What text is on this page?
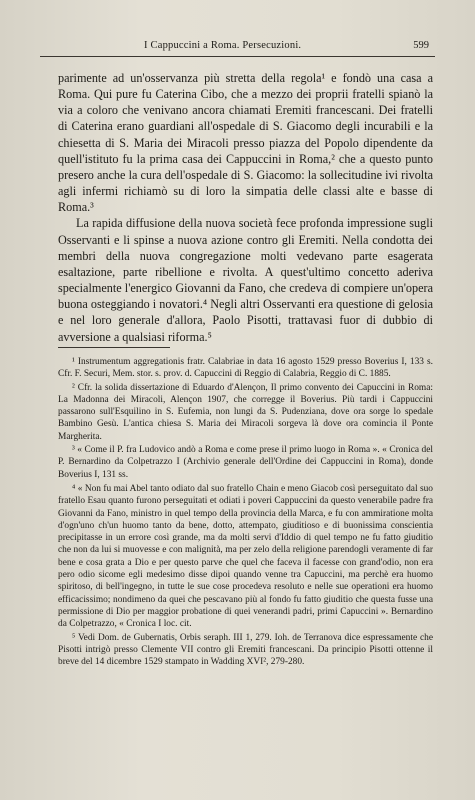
I Cappuccini a Roma. Persecuzioni.	599

parimente ad un'osservanza più stretta della regola¹ e fondò una casa a Roma. Qui pure fu Caterina Cibo, che a mezzo dei proprii fratelli spianò la via a coloro che venivano ancora chiamati Eremiti francescani. Dei fratelli di Caterina erano guardiani all'ospedale di S. Giacomo degli incurabili e la chiesetta di S. Maria dei Miracoli presso piazza del Popolo dipendente da quell'istituto fu la prima casa dei Cappuccini in Roma,² che a questo punto presero anche la cura dell'ospedale di S. Giacomo: la sollecitudine ivi rivolta agli infermi richiamò su di loro la simpatia delle classi alte e basse di Roma.³

La rapida diffusione della nuova società fece profonda impressione sugli Osservanti e li spinse a nuova azione contro gli Eremiti. Nella condotta dei membri della nuova congregazione molti vedevano parte esagerata esaltazione, parte ribellione e rivolta. A quest'ultimo concetto aderiva specialmente l'energico Giovanni da Fano, che credeva di compiere un'opera buona osteggiando i novatori.⁴ Negli altri Osservanti era questione di gelosia e nel loro generale d'allora, Paolo Pisotti, trattavasi fuor di dubbio di avversione a qualsiasi riforma.⁵

¹ Instrumentum aggregationis fratr. Calabriae in data 16 agosto 1529 presso Boverius I, 133 s. Cfr. F. Securi, Mem. stor. s. prov. d. Capuccini di Reggio di Calabria, Reggio di C. 1885.

² Cfr. la solida dissertazione di Eduardo d'Alençon, Il primo convento dei Capuccini in Roma: La Madonna dei Miracoli, Alençon 1907, che corregge il Boverius. Più tardi i Cappuccini passarono sull'Esquilino in S. Eufemia, non lungi da S. Pudenziana, dove ora sorge lo spedale Bambino Gesù. L'antica chiesa S. Maria dei Miracoli sorgeva là dove ora comincia il Ponte Margherita.

³ « Come il P. fra Ludovico andò a Roma e come prese il primo luogo in Roma ». « Cronica del P. Bernardino da Colpetrazzo I (Archivio generale dell'Ordine dei Cappuccini in Roma), donde Boverius I, 131 ss.

⁴ « Non fu mai Abel tanto odiato dal suo fratello Chain e meno Giacob così perseguitato dal suo fratello Esau quanto furono perseguitati et odiati i poveri Cappuccini da questo venerabile padre fra Giovanni da Fano, ministro in quel tempo della provincia della Marca, e fu con ammiratione molta d'ogn'uno ch'un huomo tanto da bene, dotto, attempato, giuditioso e di buonissima conscientia precipitasse in un errore così grande, ma da molti servi d'Iddio di quel tempo ne fu fatto giuditio che non da lui si muovesse e con malignità, ma per zelo della religione parendogli veramente di far bene e cosa grata a Dio e per questo parve che quel che faceva il facesse con grand'odio, non era pero odio sicome egli medesimo disse dipoi quando venne tra Capuccini, ma perchè era huomo spiritoso, di bell'ingegno, in tutte le sue cose procedeva resoluto e nelle sue operationi era huomo efficacissimo; nondimeno da quei che pescavano più al fondo fu fatto giuditio che questa fusse una permissione di Dio per maggior probatione di quei venerandi padri, primi Capuccini ». Bernardino da Colpetrazzo, « Cronica I loc. cit.

⁵ Vedi Dom. de Gubernatis, Orbis seraph. III 1, 279. Ioh. de Terranova dice espressamente che Pisotti intrigò presso Clemente VII contro gli Eremiti francescani. Da principio Pisotti ottenne il breve del 14 dicembre 1529 stampato in Wadding XVI², 279-280.
